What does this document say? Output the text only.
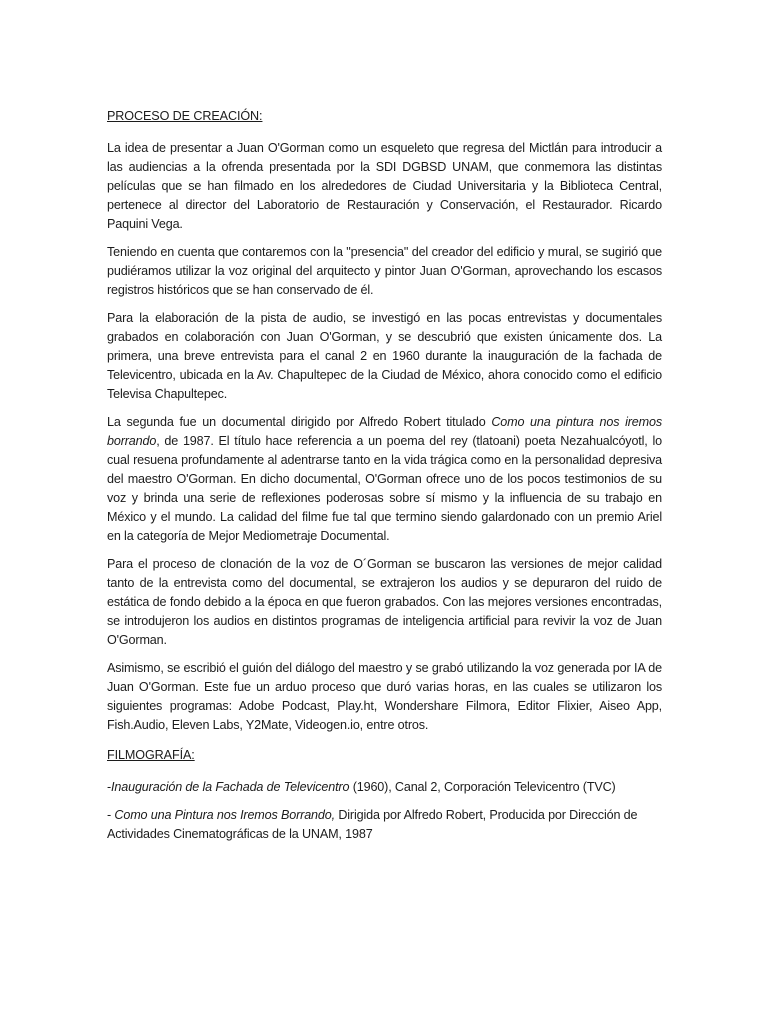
PROCESO DE CREACIÓN:

La idea de presentar a Juan O'Gorman como un esqueleto que regresa del Mictlán para introducir a las audiencias a la ofrenda presentada por la SDI DGBSD UNAM, que conmemora las distintas películas que se han filmado en los alrededores de Ciudad Universitaria y la Biblioteca Central, pertenece al director del Laboratorio de Restauración y Conservación, el Restaurador. Ricardo Paquini Vega.

Teniendo en cuenta que contaremos con la "presencia" del creador del edificio y mural, se sugirió que pudiéramos utilizar la voz original del arquitecto y pintor Juan O'Gorman, aprovechando los escasos registros históricos que se han conservado de él.

Para la elaboración de la pista de audio, se investigó en las pocas entrevistas y documentales grabados en colaboración con Juan O'Gorman, y se descubrió que existen únicamente dos. La primera, una breve entrevista para el canal 2 en 1960 durante la inauguración de la fachada de Televicentro, ubicada en la Av. Chapultepec de la Ciudad de México, ahora conocido como el edificio Televisa Chapultepec.

La segunda fue un documental dirigido por Alfredo Robert titulado Como una pintura nos iremos borrando, de 1987. El título hace referencia a un poema del rey (tlatoani) poeta Nezahualcóyotl, lo cual resuena profundamente al adentrarse tanto en la vida trágica como en la personalidad depresiva del maestro O'Gorman. En dicho documental, O'Gorman ofrece uno de los pocos testimonios de su voz y brinda una serie de reflexiones poderosas sobre sí mismo y la influencia de su trabajo en México y el mundo. La calidad del filme fue tal que termino siendo galardonado con un premio Ariel en la categoría de Mejor Mediometraje Documental.

Para el proceso de clonación de la voz de O´Gorman se buscaron las versiones de mejor calidad tanto de la entrevista como del documental, se extrajeron los audios y se depuraron del ruido de estática de fondo debido a la época en que fueron grabados. Con las mejores versiones encontradas, se introdujeron los audios en distintos programas de inteligencia artificial para revivir la voz de Juan O'Gorman.

Asimismo, se escribió el guión del diálogo del maestro y se grabó utilizando la voz generada por IA de Juan O'Gorman. Este fue un arduo proceso que duró varias horas, en las cuales se utilizaron los siguientes programas: Adobe Podcast, Play.ht, Wondershare Filmora, Editor Flixier, Aiseo App, Fish.Audio, Eleven Labs, Y2Mate, Videogen.io, entre otros.

FILMOGRAFÍA:

-Inauguración de la Fachada de Televicentro (1960), Canal 2, Corporación Televicentro (TVC)

- Como una Pintura nos Iremos Borrando, Dirigida por Alfredo Robert, Producida por Dirección de Actividades Cinematográficas de la UNAM, 1987
